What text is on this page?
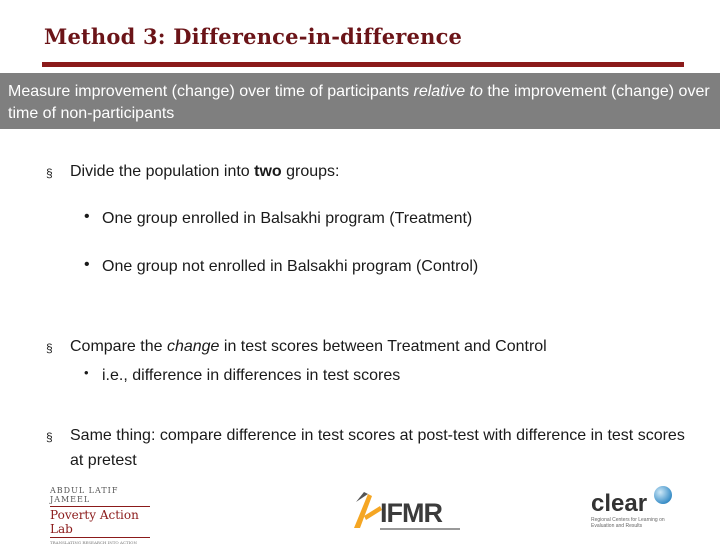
Method 3: Difference-in-difference
Measure improvement (change) over time of participants relative to the improvement (change) over time of non-participants
§ Divide the population into two groups:
• One group enrolled in Balsakhi program (Treatment)
• One group not enrolled in Balsakhi program (Control)
§ Compare the change in test scores between Treatment and Control
• i.e., difference in differences in test scores
§ Same thing: compare difference in test scores at post-test with difference in test scores at pretest
ABDUL LATIF JAMEEL
Poverty Action Lab
TRANSLATING RESEARCH INTO ACTION
IFMR	clear
Regional Centers for Learning on Evaluation and Results
